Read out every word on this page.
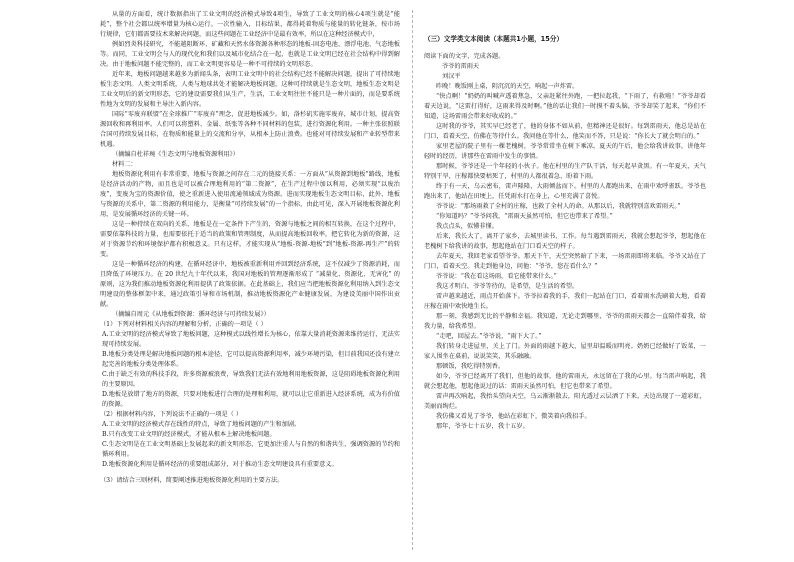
从量的方面看，统计数据指出了工业文明的经济模式导致4项生，导致了工业文明的核心4项生就是“能耗”，整个社会都以统率增量为核心运行。一次性输入，目标结果，都得耗着物质与能量的转化链条，按市场行规律，它们都需要技术来解决问题，而这些问题在工业经济中是最有效率，所以在这种经济模式中，

例如烈炎科技研究，不能越阻断环、矿藏和天然水体资源各种形态的地板-固态电池、漂浮电池、气态地板等。而同，工业文明会与人的现代化和我们以及城市化结合在一起，也就是工业文明已经在社会结构中得到解决。由于地板问题不能完整的，而工业文明更容易是一种不可持续的文明形态。

近年来，地板问题越来越多为新闻头条，表明工业文明中的社会结构已经不能解决问题，提出了可持续地板生态文明。人类文明系统，人类与地球共处才能解决地板问题，这种可持续就是生态文明，地板生态文明是工业文明后的新文明形态，它的建设需要我们从生产，生活，工业文明往往不能只是一种片面的，而是要系统性地为文明的发展和主导注入新内容。

国际“零废弃联盟”在全球推广“零废弃”理念，促进地板减少。如，洛杉矶实施零废弃，城市计划，提高资源回收和再利用率。人们可以将塑料、金属、纸张等各种不同材料的包装，进行资源化利用。一种主张依照联合国可持续发展目标，在物质和能量上的交流和分享，从根本上防止浪费。也能对可持续发展和产业转型带来机遇。

（摘编自杜祥琬《生态文明与地板资源利用》）

材料二：

地板资源化利用有非常重要，地板与资源之间存在二元的链接关系：一方面从“从资源到地板”路线，地板是经济活动的产物，而且也是可以被合理地利用的“第二资源”，在生产过程中加以利用，必须实现“以废治废”，变废为宝的资源价值，使之重新进入使用流通领域成为资源。进而实现地板生态文明目标，此外，地板与资源的关系中，第二资源的利用能力，是衡量“可持续发展”的一个指标，由此可见，深入开展地板资源化利用，是发展循环经济的关键一环。

这是一种持续在双向的关系，地板是在一定条件下产生的，资源与地板之间的相互转换，在这个过程中，需要依靠科技的力量，也需要依托于适当的政策和管理制度，从而提高地板回收率，把它转化为新的资源，这对于资源节约和环境保护都有积极意义。只有这样，才能实现从“地板-资源-地板”到“地板-资源-再生产”的转变。

这是一种循环经济的构建，在循环经济中，地板被重新利用并回到经济系统，这不仅减少了资源消耗，而且降低了环境压力。在 20 世纪九十年代以来，我国对地板的管理逐渐形成了 “减量化、资源化、无害化” 的原则，这为我们推动地板资源化利用提供了政策依据。在此基础上，我们应当把地板资源化利用纳入到生态文明建设的整体框架中来，通过政策引导和市场机制，推动地板资源化产业健康发展，为建设美丽中国作出贡献。

（摘编自周元《从地板到资源：循环经济与可持续发展》）

（1）下列对材料相关内容的理解和分析，正确的一项是（ ）

A.工业文明的经济模式导致了地板问题，这种模式以线性增长为核心，依靠大量消耗资源来维持运行，无法实现可持续发展。

B.地板分类处理是解决地板问题的根本途径，它可以提高资源利用率，减少环境污染，但目前我国还没有建立起完善的地板分类处理体系。

C.由于缺乏有效的科技手段，许多资源被浪费，导致我们无法有效地利用地板资源，这是阻碍地板资源化利用的主要原因。

D.地板是放错了地方的资源，只要对地板进行合理的处理和利用，就可以让它重新进入经济系统，成为有价值的资源。

（2）根据材料内容，下列说法不正确的一项是（ ）

A.工业文明的经济模式存在线性的特点，导致了地板问题的产生和加剧。

B.只有改变工业文明的经济模式，才能从根本上解决地板问题。

C.生态文明是在工业文明基础上发展起来的新文明形态，它更加注重人与自然的和谐共生，强调资源的节约和循环利用。

D.地板资源化利用是循环经济的重要组成部分，对于推动生态文明建设具有重要意义。

（3）请结合三则材料，简要阐述推进地板资源化利用的主要方法。

（三）文学类文本阅读（本题共1小题，15分）

阅读下面的文字，完成各题。

爷爷的雷雨天

刘汉平

昨晚！晚饭刚上桌，阴沉沉的天空，响起一声炸雷。

“快点啊！”奶奶的叫喊声透着焦急，父亲赶紧往外跑，一把拉起我，“下雨了，有救啦！”爷爷却看着天边说，“这雷打得好，这雨来得及时啊。”他的话让我们一时摸不着头脑，爷爷却笑了起来，“你们不知道，这场雷雨会带来好收成的。”

这时我的爷爷，其实早已经老了，他的身体不如从前，但精神还是很好。每到雷雨天，他总是站在门口，看着天空，仿佛在等待什么。我问他在等什么，他笑而不答，只是说：“你长大了就会明白的。”

家里老屋的院子里有一棵老槐树，爷爷常常坐在树下乘凉。夏天的午后，他会给我讲故事，讲他年轻时的经历，讲那些在雷雨中发生的事情。

那时候，爷爷还是一个年轻的小伙子。他在村里的生产队干活，每天起早贪黑。有一年夏天，天气特别干旱，庄稼都快要枯死了，村里的人都很着急，盼着下雨。

终于有一天，乌云密布，雷声隆隆，大雨倾盆而下。村里的人都跑出来，在雨中欢呼雀跃。爷爷也跑出来了，他站在田埂上，任凭雨水打在身上，心里充满了喜悦。

爷爷说：“那场雨救了全村的庄稼，也救了全村人的命。从那以后，我就特别喜欢雷雨天。”

“你知道吗？”爷爷问我，“雷雨天虽然可怕，但它也带来了希望。”

我点点头，似懂非懂。

后来，我长大了，离开了家乡，去城里读书、工作。每当遇到雷雨天，我就会想起爷爷，想起他在老槐树下给我讲的故事，想起他站在门口看天空的样子。

去年夏天，我回老家看望爷爷。那天下午，天空突然暗了下来，一场雷雨即将来临。爷爷又站在了门口，看着天空。我走到他身边，问他：“爷爷，您在看什么？”

爷爷说：“我在看这场雨，看它能带来什么。”

我这才明白，爷爷等待的，是希望，是生活的希望。

雷声越来越近，雨点开始落下。爷爷拉着我的手，我们一起站在门口，看着雨水洗刷着大地，看着庄稼在雨中欢快地生长。

那一刻，我感到无比的平静和幸福。我知道，无论走到哪里，爷爷的雷雨天都会一直陪伴着我，给我力量，给我希望。

“走吧，回屋去。”爷爷说，“雨下大了。”

我们转身走进屋里，关上了门。外面的雨越下越大，屋里却温暖而明亮。奶奶已经做好了饭菜，一家人围坐在桌前，说说笑笑，其乐融融。

那顿饭，我吃得特别香。

如今，爷爷已经离开了我们，但他的故事，他的雷雨天，永远留在了我的心里。每当雷声响起，我就会想起他，想起他说过的话：雷雨天虽然可怕，但它也带来了希望。

雷声再次响起，我抬头望向天空，乌云渐渐散去，阳光透过云层洒了下来。天边出现了一道彩虹，美丽而绚烂。

我仿佛又看见了爷爷，他站在彩虹下，微笑着向我招手。

那年，爷爷七十五岁，我十五岁。
